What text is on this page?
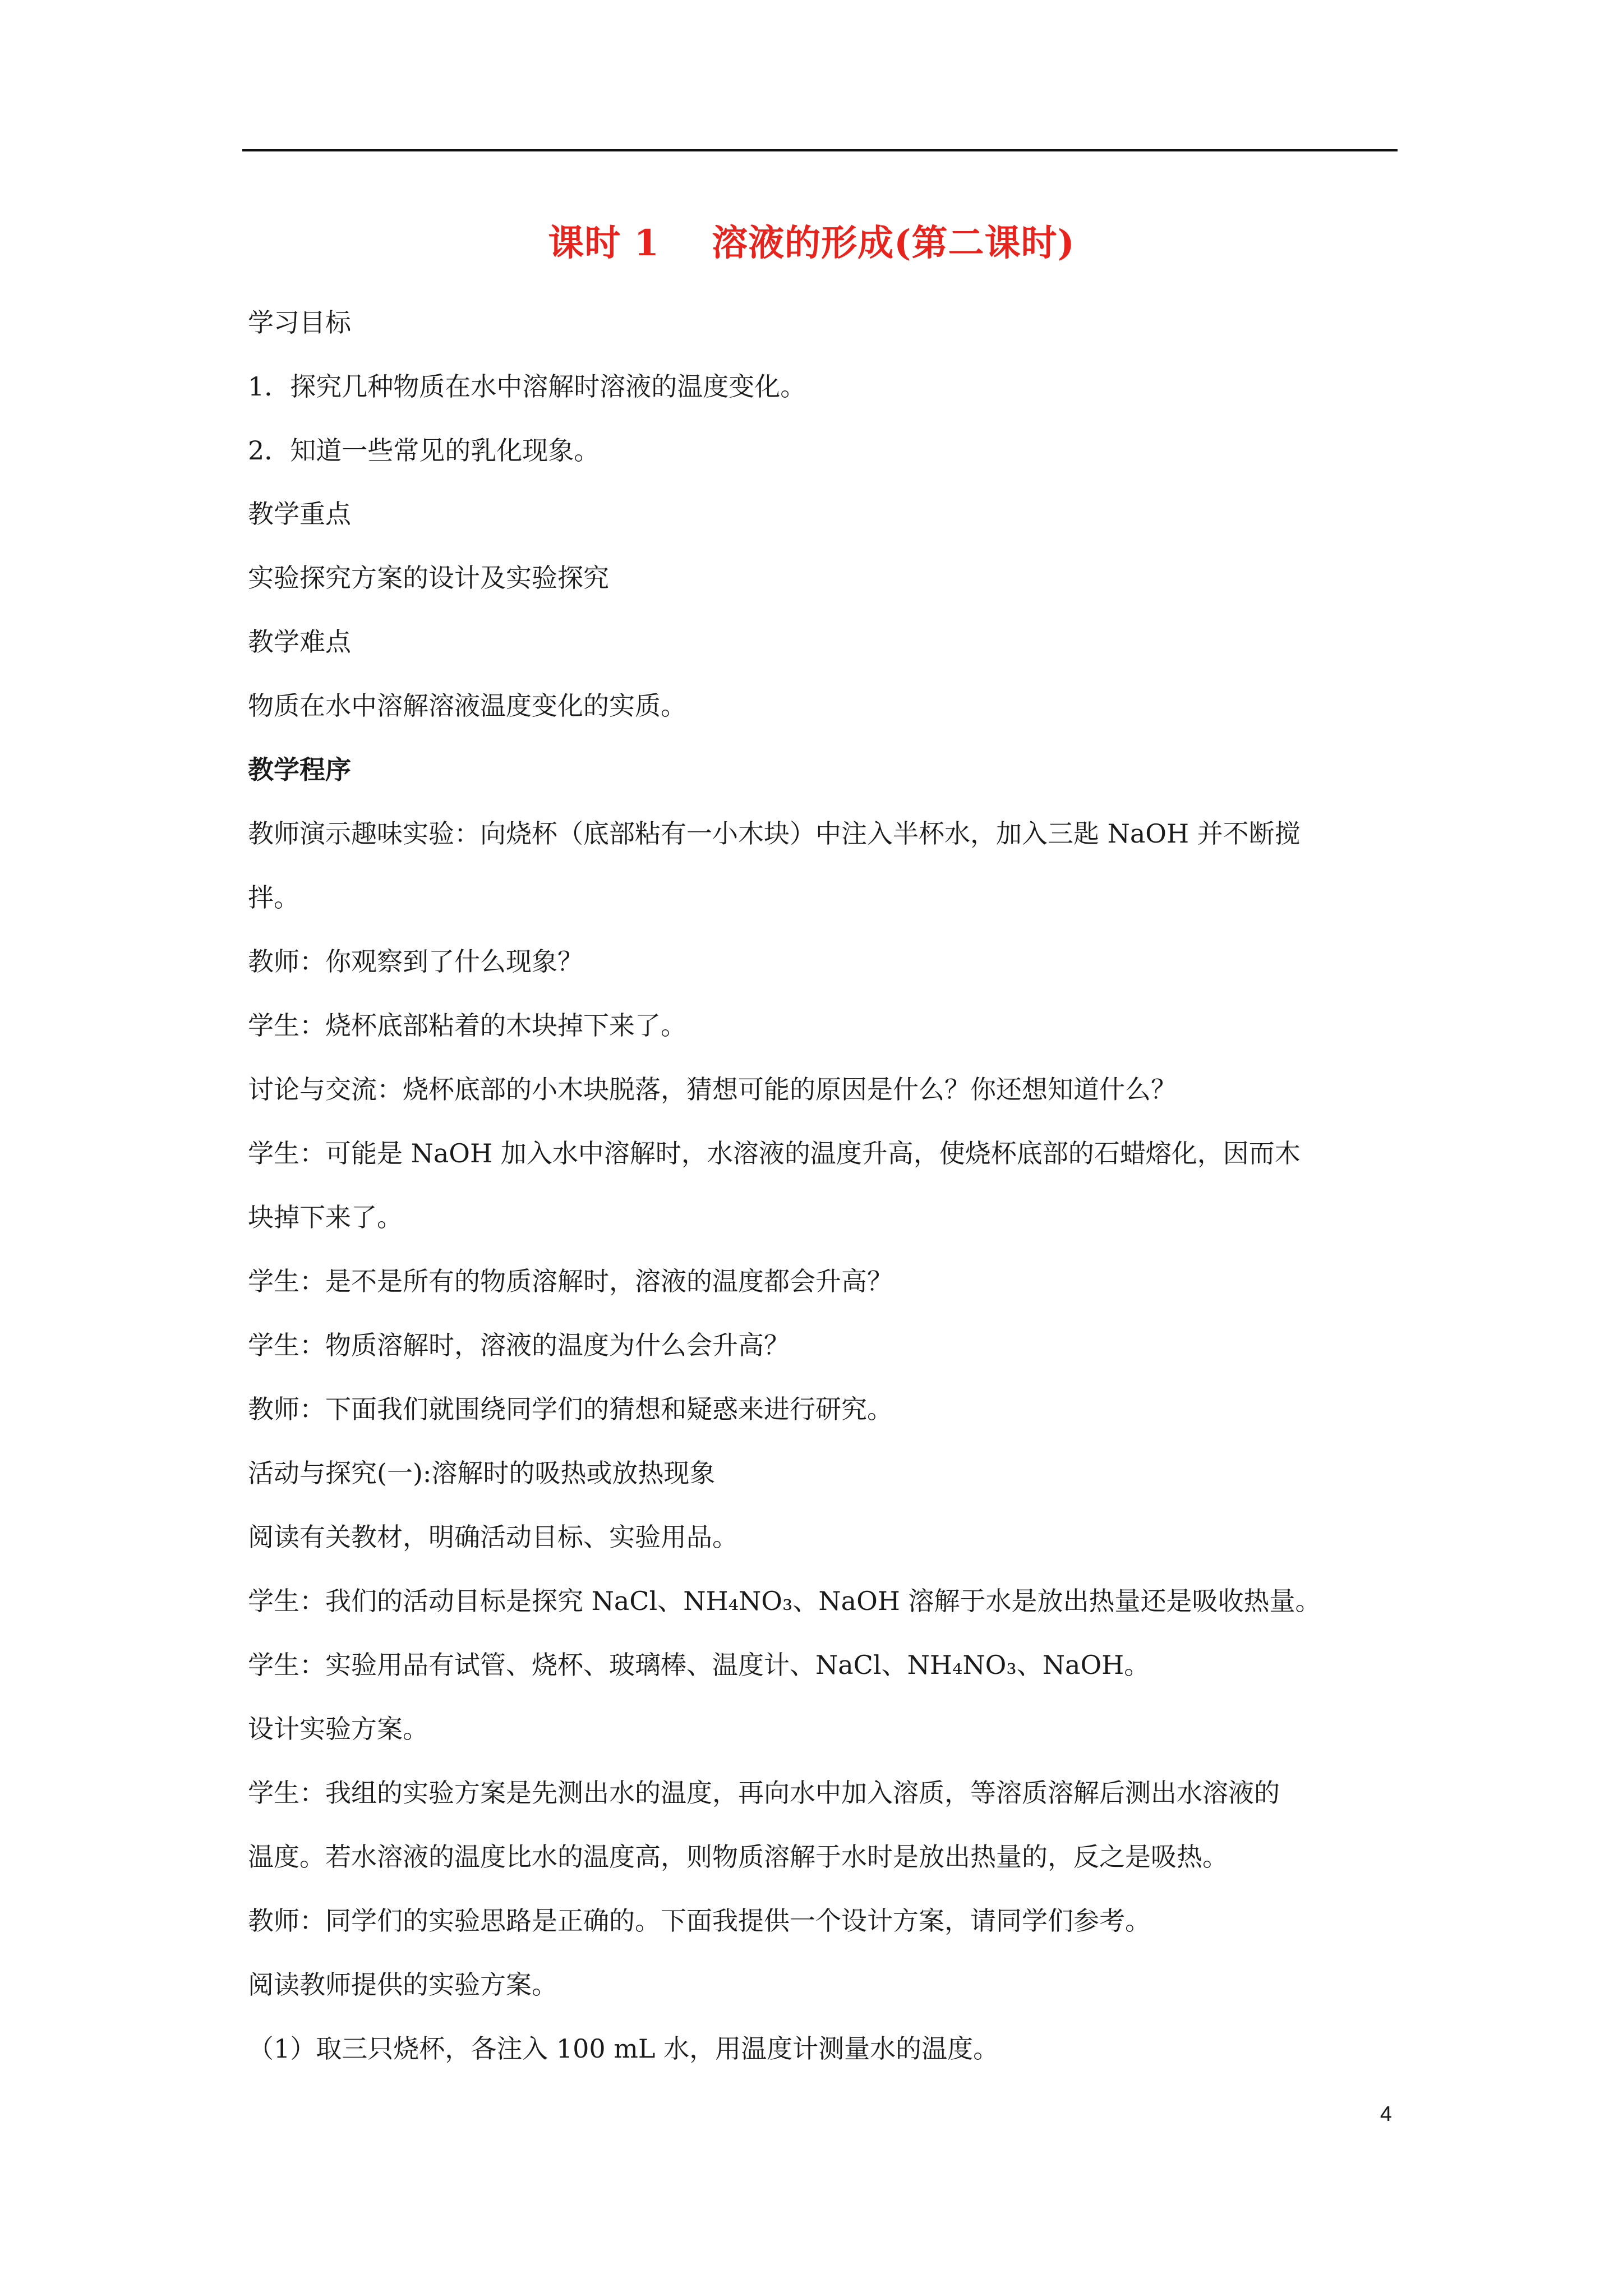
课时 1    溶液的形成(第二课时)
学习目标
1．探究几种物质在水中溶解时溶液的温度变化。
2．知道一些常见的乳化现象。
教学重点
实验探究方案的设计及实验探究
教学难点
物质在水中溶解溶液温度变化的实质。
教学程序
教师演示趣味实验：向烧杯（底部粘有一小木块）中注入半杯水，加入三匙 NaOH 并不断搅
拌。
教师：你观察到了什么现象？
学生：烧杯底部粘着的木块掉下来了。
讨论与交流：烧杯底部的小木块脱落，猜想可能的原因是什么？你还想知道什么？
学生：可能是 NaOH 加入水中溶解时，水溶液的温度升高，使烧杯底部的石蜡熔化，因而木
块掉下来了。
学生：是不是所有的物质溶解时，溶液的温度都会升高？
学生：物质溶解时，溶液的温度为什么会升高？
教师：下面我们就围绕同学们的猜想和疑惑来进行研究。
活动与探究(一):溶解时的吸热或放热现象
阅读有关教材，明确活动目标、实验用品。
学生：我们的活动目标是探究 NaCl、NH₄NO₃、NaOH 溶解于水是放出热量还是吸收热量。
学生：实验用品有试管、烧杯、玻璃棒、温度计、NaCl、NH₄NO₃、NaOH。
设计实验方案。
学生：我组的实验方案是先测出水的温度，再向水中加入溶质，等溶质溶解后测出水溶液的
温度。若水溶液的温度比水的温度高，则物质溶解于水时是放出热量的，反之是吸热。
教师：同学们的实验思路是正确的。下面我提供一个设计方案，请同学们参考。
阅读教师提供的实验方案。
（1）取三只烧杯，各注入 100 mL 水，用温度计测量水的温度。
4
